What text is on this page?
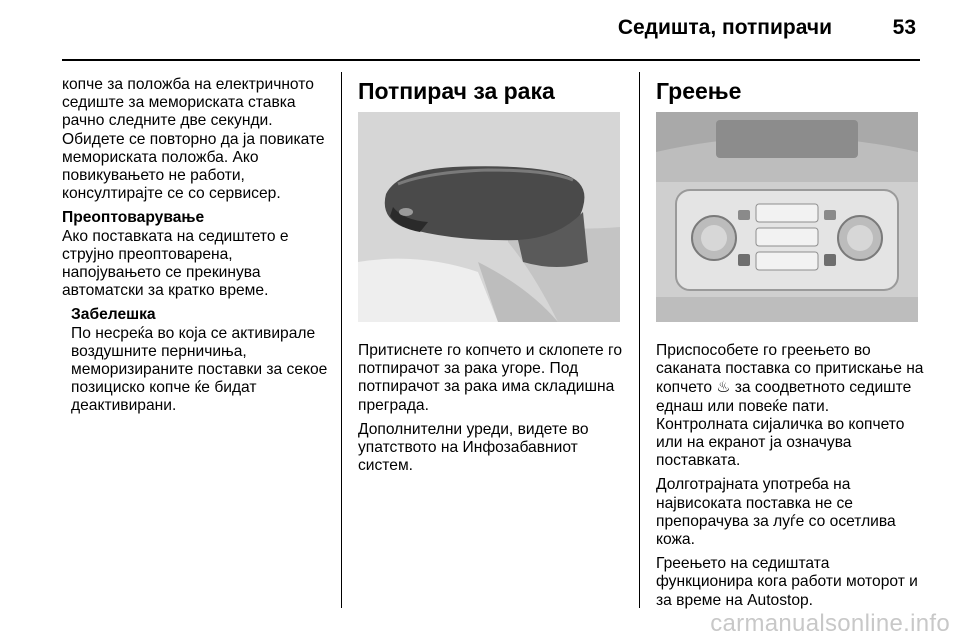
Седишта, потпирачи	53

копче за положба на електричното седиште за мемориската ставка рачно следните две секунди. Обидете се повторно да ја повикате мемориската положба. Ако повикувањето не работи, консултирајте се со сервисер.

Преоптоварување

Ако поставката на седиштето е струјно преоптоварена, напојувањето се прекинува автоматски за кратко време.

Забелешка
По несреќа во која се активирале воздушните перничиња, меморизираните поставки за секое позициско копче ќе бидат деактивирани.
Потпирач за рака

Притиснете го копчето и склопете го потпирачот за рака угоре. Под потпирачот за рака има складишна преграда.

Дополнителни уреди, видете во упатството на Инфозабавниот систем.

Греење

Приспособете го греењето во саканата поставка со притискање на копчето ♨ за соодветното седиште еднаш или повеќе пати. Контролната сијаличка во копчето или на екранот ја означува поставката.

Долготрајната употреба на највисоката поставка не се препорачува за луѓе со осетлива кожа.

Греењето на седиштата функционира кога работи моторот и за време на Autostop.

carmanualsonline.info
